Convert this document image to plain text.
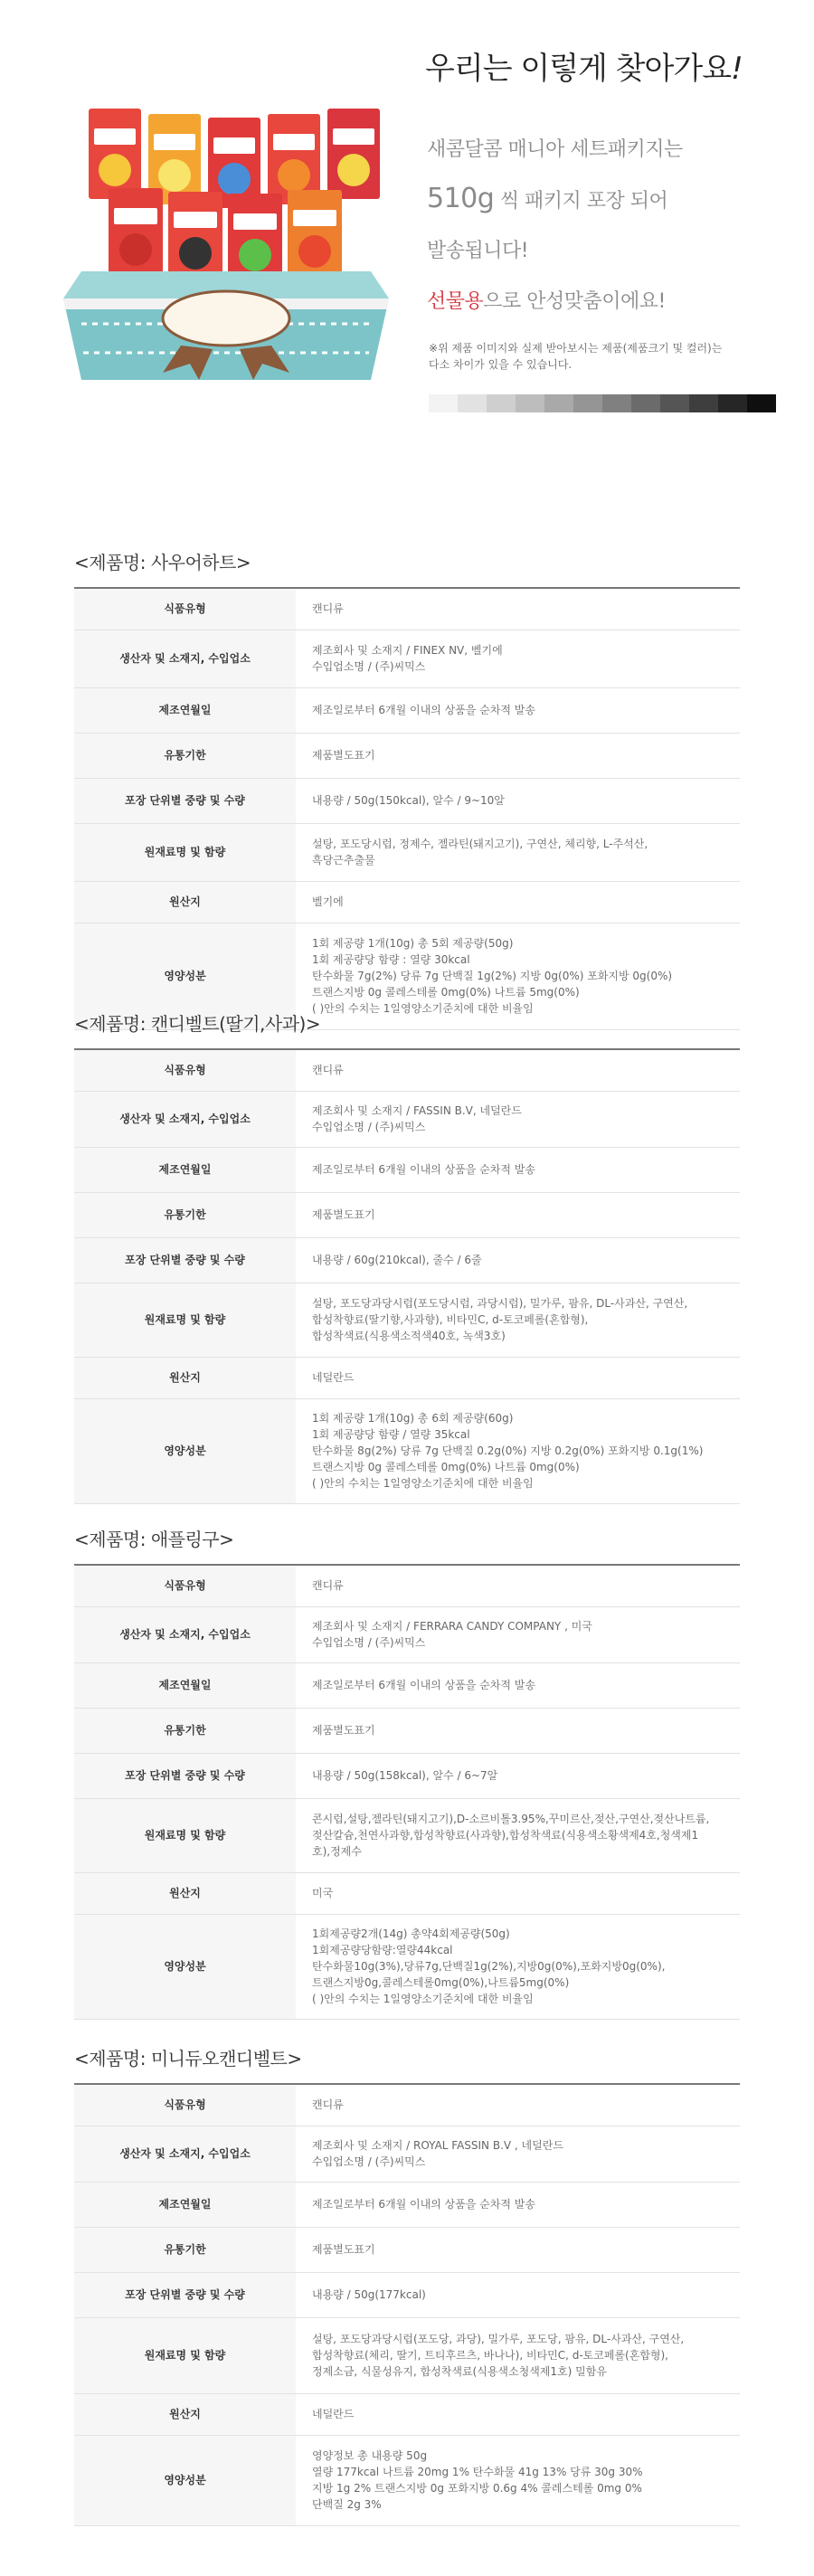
우리는 이렇게 찾아가요!
새콤달콤 매니아 세트패키지는
510g 씩 패키지 포장 되어
발송됩니다!
선물용으로 안성맞춤이에요!
※위 제품 이미지와 실제 받아보시는 제품(제품크기 및 컬러)는
다소 차이가 있을 수 있습니다.
<제품명: 사우어하트>
식품유형	캔디류
생산자 및 소재지, 수입업소	제조회사 및 소재지 / FINEX NV, 벨기에
수입업소명 / (주)씨믹스
제조연월일	제조일로부터 6개월 이내의 상품을 순차적 발송
유통기한	제품별도표기
포장 단위별 중량 및 수량	내용량 / 50g(150kcal), 알수 / 9~10알
원재료명 및 함량	설탕, 포도당시럽, 정제수, 젤라틴(돼지고기), 구연산, 체리향, L-주석산,
흑당근추출물
원산지	벨기에
영양성분	1회 제공량 1개(10g) 총 5회 제공량(50g)
1회 제공량당 함량 : 열량 30kcal
탄수화물 7g(2%) 당류 7g 단백질 1g(2%) 지방 0g(0%) 포화지방 0g(0%)
트랜스지방 0g 콜레스테롤 0mg(0%) 나트륨 5mg(0%)
( )안의 수치는 1일영양소기준치에 대한 비율임
<제품명: 캔디벨트(딸기,사과)>
식품유형	캔디류
생산자 및 소재지, 수입업소	제조회사 및 소재지 / FASSIN B.V, 네덜란드
수입업소명 / (주)씨믹스
제조연월일	제조일로부터 6개월 이내의 상품을 순차적 발송
유통기한	제품별도표기
포장 단위별 중량 및 수량	내용량 / 60g(210kcal), 줄수 / 6줄
원재료명 및 함량	설탕, 포도당과당시럽(포도당시럽, 과당시럽), 밀가루, 팜유, DL-사과산, 구연산,
합성착향료(딸기향,사과향), 비타민C, d-토코페롤(혼합형),
합성착색료(식용색소적색40호, 녹색3호)
원산지	네덜란드
영양성분	1회 제공량 1개(10g) 총 6회 제공량(60g)
1회 제공량당 함량 / 열량 35kcal
탄수화물 8g(2%) 당류 7g 단백질 0.2g(0%) 지방 0.2g(0%) 포화지방 0.1g(1%)
트랜스지방 0g 콜레스테롤 0mg(0%) 나트륨 0mg(0%)
( )안의 수치는 1일영양소기준치에 대한 비율임
<제품명: 애플링구>
식품유형	캔디류
생산자 및 소재지, 수입업소	제조회사 및 소재지 / FERRARA CANDY COMPANY , 미국
수입업소명 / (주)씨믹스
제조연월일	제조일로부터 6개월 이내의 상품을 순차적 발송
유통기한	제품별도표기
포장 단위별 중량 및 수량	내용량 / 50g(158kcal), 알수 / 6~7알
원재료명 및 함량	콘시럽,설탕,젤라틴(돼지고기),D-소르비톨3.95%,꾸미르산,젖산,구연산,젖산나트륨,
젖산칼슘,천연사과향,합성착향료(사과향),합성착색료(식용색소황색제4호,청색제1
호),정제수
원산지	미국
영양성분	1회제공량2개(14g) 총약4회제공량(50g)
1회제공량당함량:열량44kcal
탄수화물10g(3%),당류7g,단백질1g(2%),지방0g(0%),포화지방0g(0%),
트랜스지방0g,콜레스테롤0mg(0%),나트륨5mg(0%)
( )안의 수치는 1일영양소기준치에 대한 비율임
<제품명: 미니듀오캔디벨트>
식품유형	캔디류
생산자 및 소재지, 수입업소	제조회사 및 소재지 / ROYAL FASSIN B.V , 네덜란드
수입업소명 / (주)씨믹스
제조연월일	제조일로부터 6개월 이내의 상품을 순차적 발송
유통기한	제품별도표기
포장 단위별 중량 및 수량	내용량 / 50g(177kcal)
원재료명 및 함량	설탕, 포도당과당시럽(포도당, 과당), 밀가루, 포도당, 팜유, DL-사과산, 구연산,
합성착향료(체리, 딸기, 트티후르츠, 바나나), 비타민C, d-토코페롤(혼합형),
정제소금, 식물성유지, 합성착색료(식용색소청색제1호) 밀함유
원산지	네덜란드
영양성분	영양정보 총 내용량 50g
열량 177kcal 나트륨 20mg 1% 탄수화물 41g 13% 당류 30g 30%
지방 1g 2% 트랜스지방 0g 포화지방 0.6g 4% 콜레스테롤 0mg 0%
단백질 2g 3%
